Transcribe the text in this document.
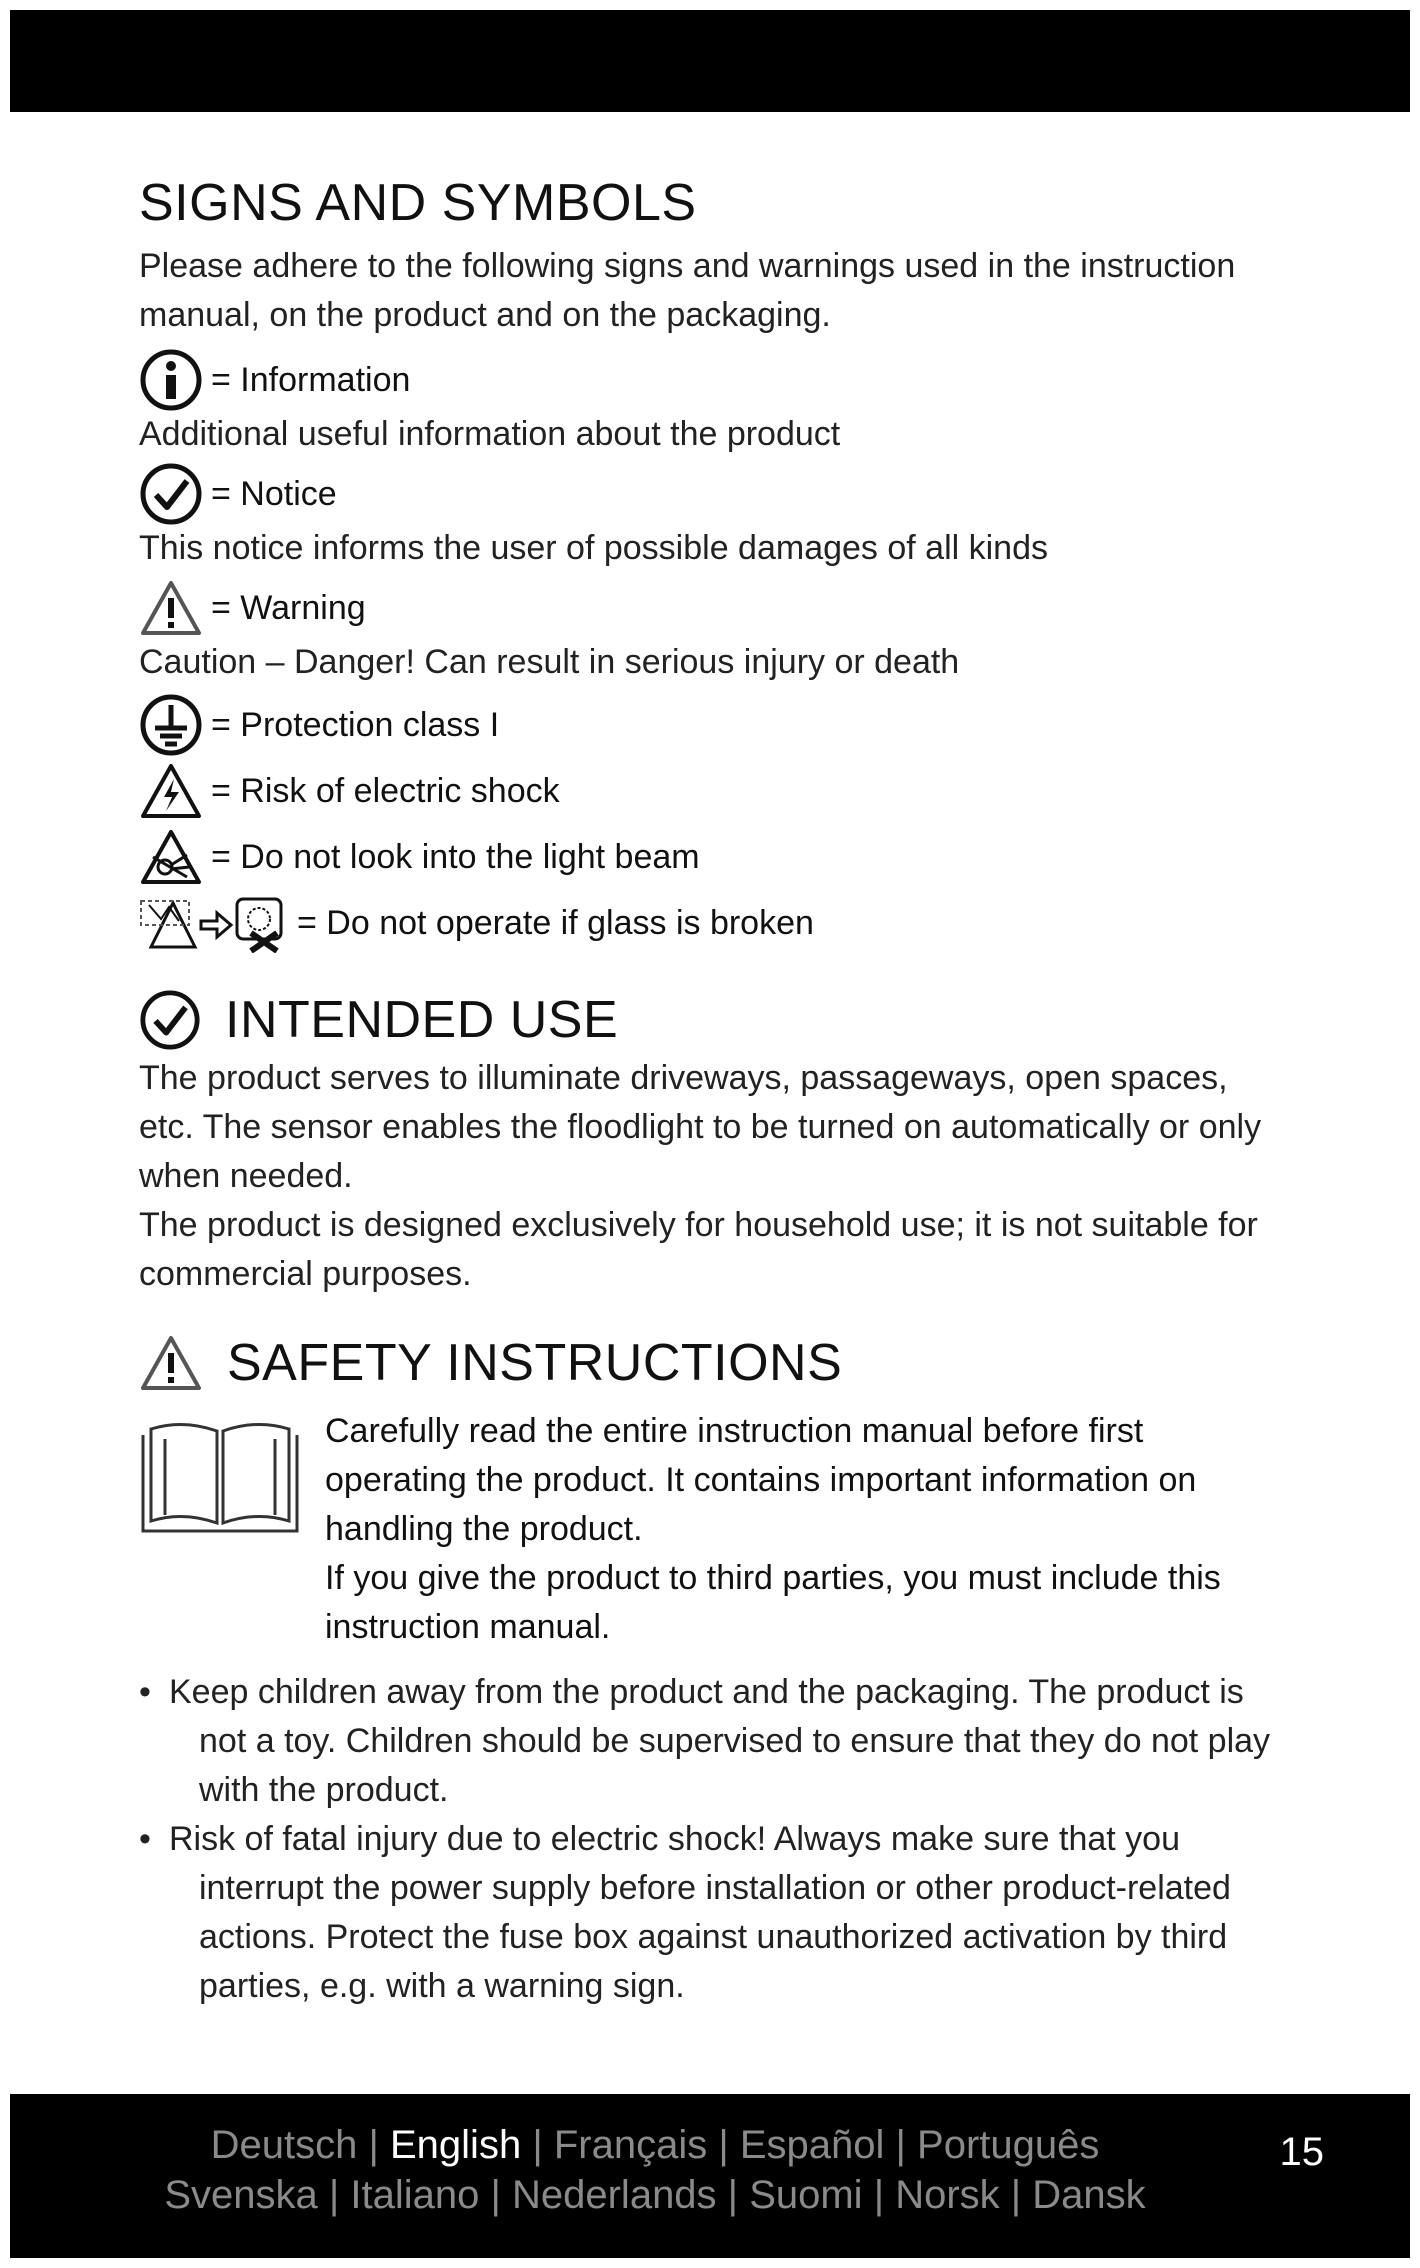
SIGNS AND SYMBOLS

Please adhere to the following signs and warnings used in the instruction manual, on the product and on the packaging.

= Information

Additional useful information about the product

= Notice

This notice informs the user of possible damages of all kinds

= Warning

Caution – Danger! Can result in serious injury or death

= Protection class I
= Risk of electric shock
= Do not look into the light beam
= Do not operate if glass is broken
INTENDED USE

The product serves to illuminate driveways, passageways, open spaces, etc. The sensor enables the floodlight to be turned on automatically or only when needed.

The product is designed exclusively for household use; it is not suitable for commercial purposes.

SAFETY INSTRUCTIONS
Carefully read the entire instruction manual before first operating the product. It contains important information on handling the product.
If you give the product to third parties, you must include this instruction manual.
• Keep children away from the product and the packaging. The product is not a toy. Children should be supervised to ensure that they do not play with the product.
• Risk of fatal injury due to electric shock! Always make sure that you interrupt the power supply before installation or other product-related actions. Protect the fuse box against unauthorized activation by third parties, e.g. with a warning sign.
Deutsch | English | Français | Español | Português
Svenska | Italiano | Nederlands | Suomi | Norsk | Dansk
15
